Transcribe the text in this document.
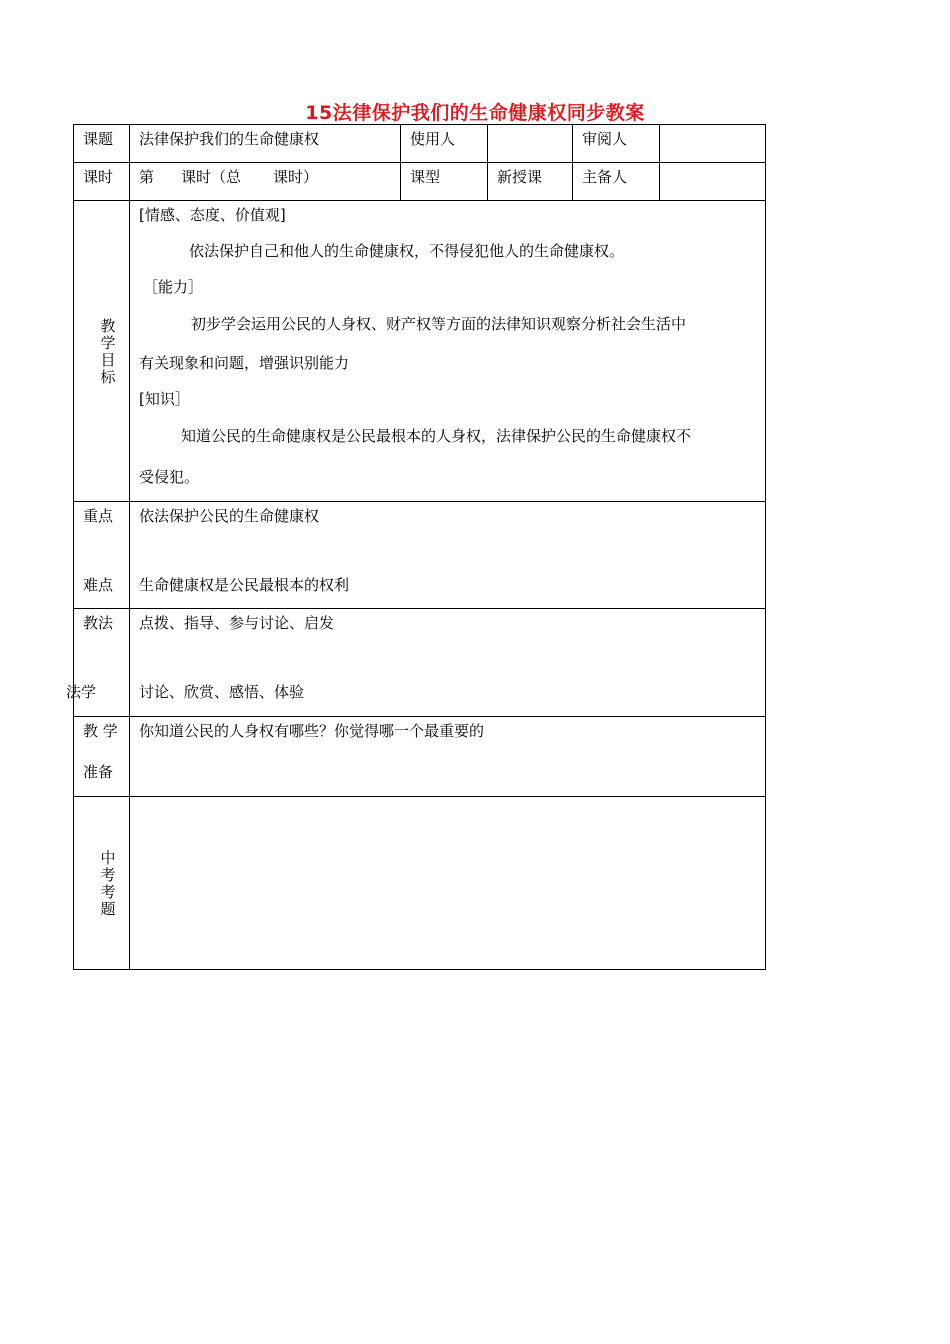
15法律保护我们的生命健康权同步教案
课题 法律保护我们的生命健康权	使用人	审阅人
课时 第 课时（总 课时）	课型	新授课	主备人
教
学
目
标
[情感、态度、价值观]
依法保护自己和他人的生命健康权，不得侵犯他人的生命健康权。
［能力］
初步学会运用公民的人身权、财产权等方面的法律知识观察分析社会生活中
有关现象和问题，增强识别能力
[知识］
知道公民的生命健康权是公民最根本的人身权，法律保护公民的生命健康权不
受侵犯。
重点 依法保护公民的生命健康权
难点 生命健康权是公民最根本的权利
教法 点拨、指导、参与讨论、启发
法学	讨论、欣赏、感悟、体验
教 学
准备
你知道公民的人身权有哪些？你觉得哪一个最重要的
中
考
考
题
